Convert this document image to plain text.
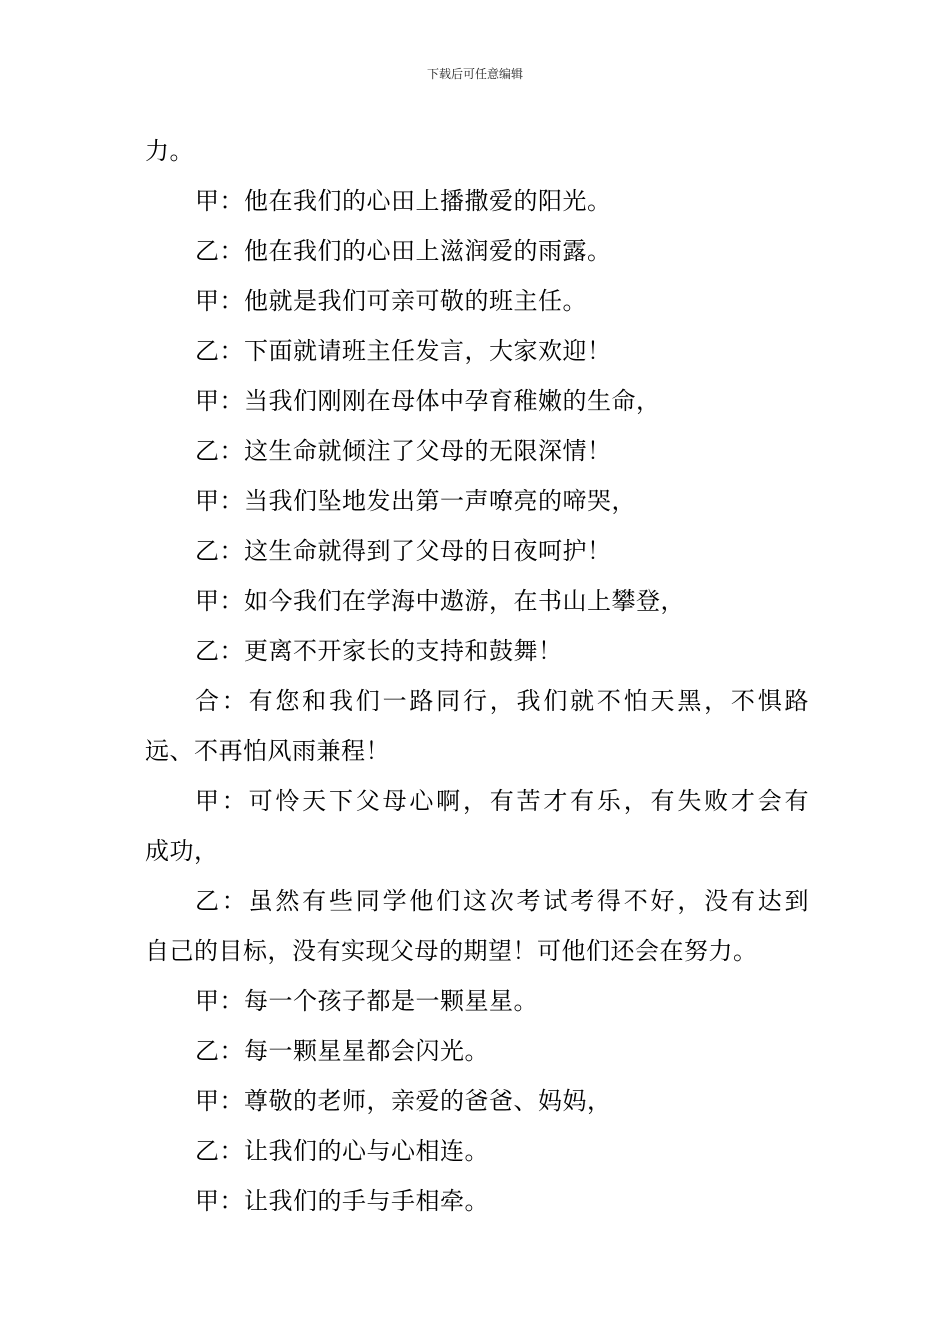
下载后可任意编辑
力。
甲：他在我们的心田上播撒爱的阳光。
乙：他在我们的心田上滋润爱的雨露。
甲：他就是我们可亲可敬的班主任。
乙：下面就请班主任发言，大家欢迎！
甲：当我们刚刚在母体中孕育稚嫩的生命，
乙：这生命就倾注了父母的无限深情！
甲：当我们坠地发出第一声嘹亮的啼哭，
乙：这生命就得到了父母的日夜呵护！
甲：如今我们在学海中遨游，在书山上攀登，
乙：更离不开家长的支持和鼓舞！
合：有您和我们一路同行，我们就不怕天黑，不惧路
远、不再怕风雨兼程！
甲：可怜天下父母心啊，有苦才有乐，有失败才会有
成功，
乙：虽然有些同学他们这次考试考得不好，没有达到
自己的目标，没有实现父母的期望！可他们还会在努力。
甲：每一个孩子都是一颗星星。
乙：每一颗星星都会闪光。
甲：尊敬的老师，亲爱的爸爸、妈妈，
乙：让我们的心与心相连。
甲：让我们的手与手相牵。
